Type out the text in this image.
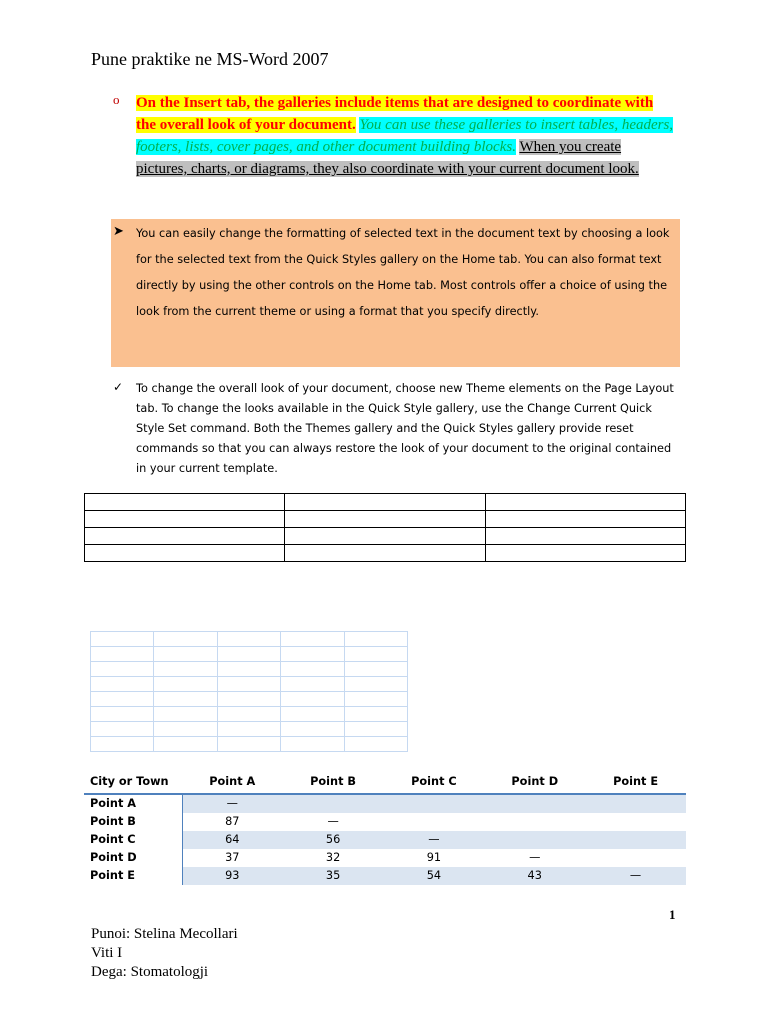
Pune praktike ne MS-Word 2007
o On the Insert tab, the galleries include items that are designed to coordinate with the overall look of your document. You can use these galleries to insert tables, headers, footers, lists, cover pages, and other document building blocks. When you create pictures, charts, or diagrams, they also coordinate with your current document look.
➤ You can easily change the formatting of selected text in the document text by choosing a look for the selected text from the Quick Styles gallery on the Home tab. You can also format text directly by using the other controls on the Home tab. Most controls offer a choice of using the look from the current theme or using a format that you specify directly.
✓ To change the overall look of your document, choose new Theme elements on the Page Layout tab. To change the looks available in the Quick Style gallery, use the Change Current Quick Style Set command. Both the Themes gallery and the Quick Styles gallery provide reset commands so that you can always restore the look of your document to the original contained in your current template.

City or Town	Point A	Point B	Point C	Point D	Point E
Point A	—
Point B	87	—
Point C	64	56	—
Point D	37	32	91	—
Point E	93	35	54	43	—
1
Punoi: Stelina Mecollari
Viti I
Dega: Stomatologji
